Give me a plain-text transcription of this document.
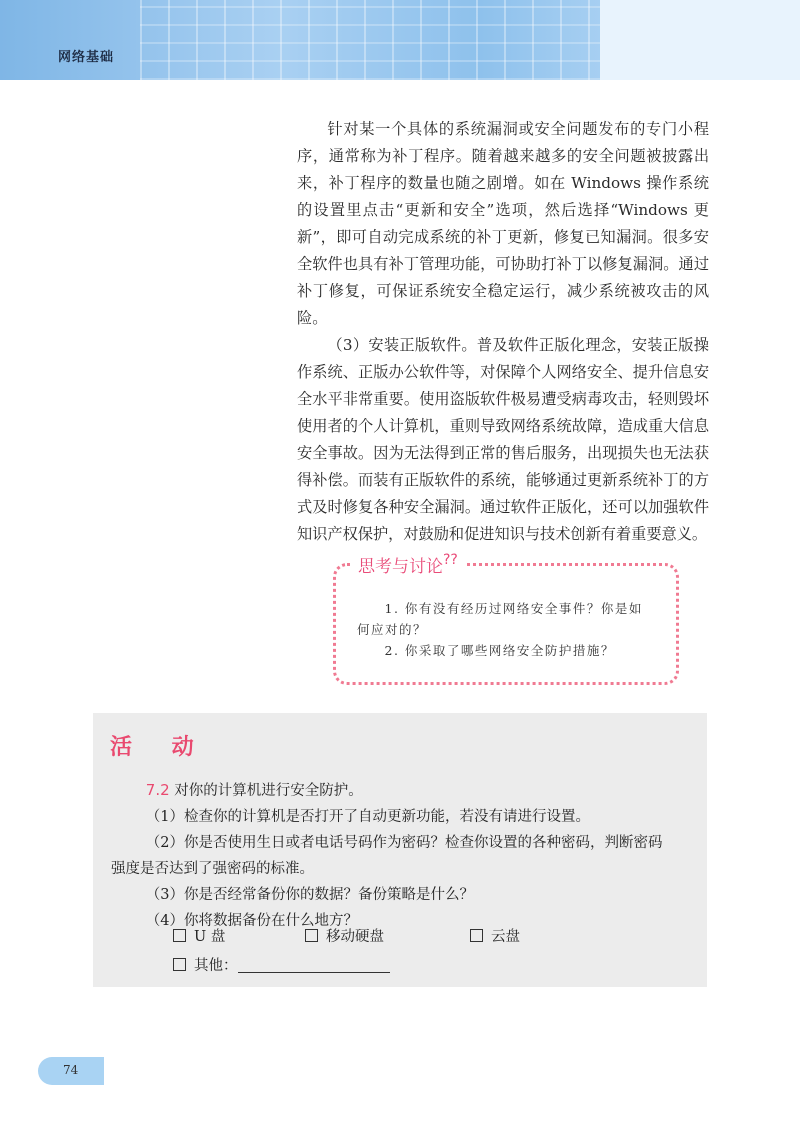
网络基础

针对某一个具体的系统漏洞或安全问题发布的专门小程序，通常称为补丁程序。随着越来越多的安全问题被披露出来，补丁程序的数量也随之剧增。如在 Windows 操作系统的设置里点击“更新和安全”选项，然后选择“Windows 更新”，即可自动完成系统的补丁更新，修复已知漏洞。很多安全软件也具有补丁管理功能，可协助打补丁以修复漏洞。通过补丁修复，可保证系统安全稳定运行，减少系统被攻击的风险。

（3）安装正版软件。普及软件正版化理念，安装正版操作系统、正版办公软件等，对保障个人网络安全、提升信息安全水平非常重要。使用盗版软件极易遭受病毒攻击，轻则毁坏使用者的个人计算机，重则导致网络系统故障，造成重大信息安全事故。因为无法得到正常的售后服务，出现损失也无法获得补偿。而装有正版软件的系统，能够通过更新系统补丁的方式及时修复各种安全漏洞。通过软件正版化，还可以加强软件知识产权保护，对鼓励和促进知识与技术创新有着重要意义。

思考与讨论??

1. 你有没有经历过网络安全事件？你是如何应对的？

2. 你采取了哪些网络安全防护措施？

活 动

7.2 对你的计算机进行安全防护。

（1）检查你的计算机是否打开了自动更新功能，若没有请进行设置。

（2）你是否使用生日或者电话号码作为密码？检查你设置的各种密码，判断密码

强度是否达到了强密码的标准。

（3）你是否经常备份你的数据？备份策略是什么？

（4）你将数据备份在什么地方？

U 盘	移动硬盘	云盘
其他：
74
